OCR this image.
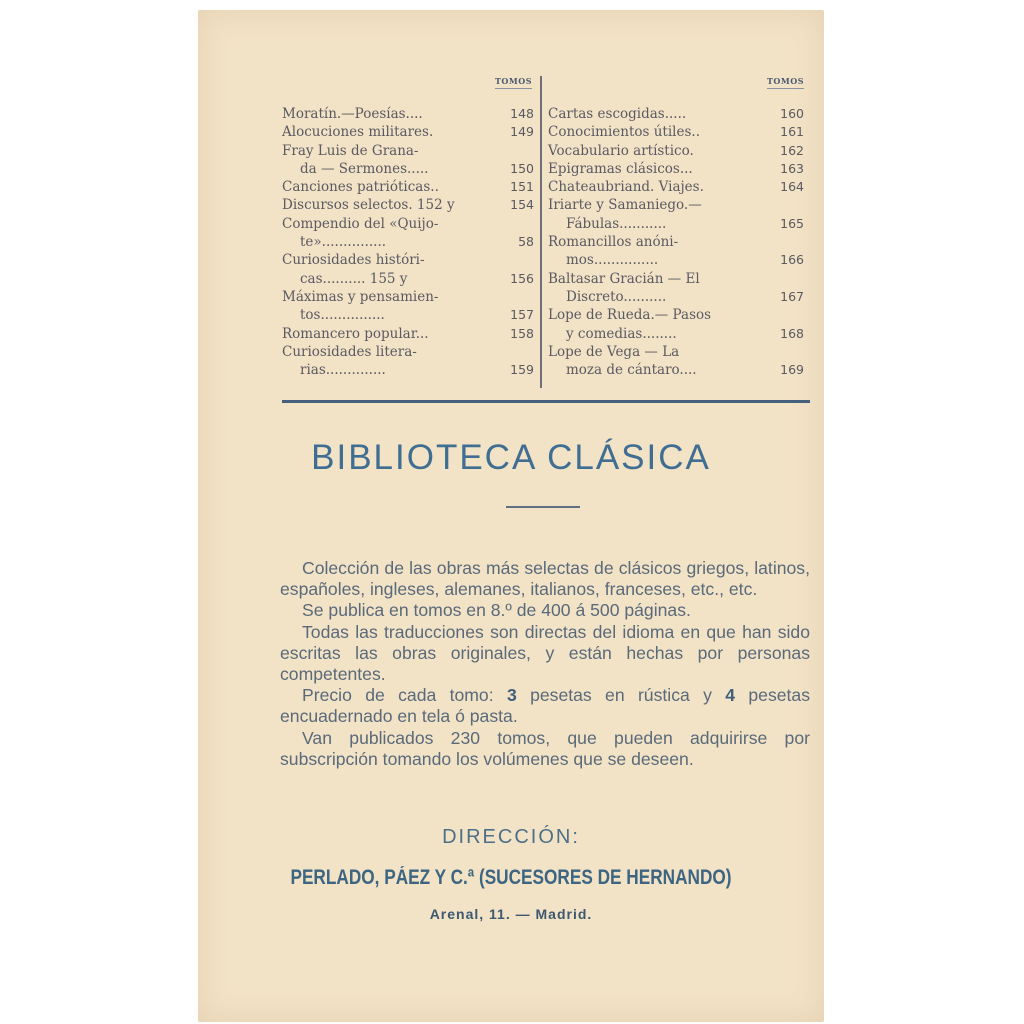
TOMOS
Moratín.—Poesías....	148
Alocuciones militares.	149
Fray Luis de Grana-
da — Sermones.....	150
Canciones patrióticas..	151
Discursos selectos. 152 y	154
Compendio del «Quijo-
te»...............	58
Curiosidades históri-
cas.......... 155 y	156
Máximas y pensamien-
tos...............	157
Romancero popular...	158
Curiosidades litera-
rias..............	159
TOMOS
Cartas escogidas.....	160
Conocimientos útiles..	161
Vocabulario artístico.	162
Epigramas clásicos...	163
Chateaubriand. Viajes.	164
Iriarte y Samaniego.—
Fábulas...........	165
Romancillos anóni-
mos...............	166
Baltasar Gracián — El
Discreto..........	167
Lope de Rueda.— Pasos
y comedias........	168
Lope de Vega — La
moza de cántaro....	169
BIBLIOTECA CLÁSICA

Colección de las obras más selectas de clásicos griegos, latinos, españoles, ingleses, alemanes, italianos, franceses, etc., etc.

Se publica en tomos en 8.º de 400 á 500 páginas.

Todas las traducciones son directas del idioma en que han sido escritas las obras originales, y están hechas por personas competentes.

Precio de cada tomo: 3 pesetas en rústica y 4 pesetas encuadernado en tela ó pasta.

Van publicados 230 tomos, que pueden adquirirse por subscripción tomando los volúmenes que se deseen.

DIRECCIÓN:
PERLADO, PÁEZ Y C.ª (SUCESORES DE HERNANDO)
Arenal, 11. — Madrid.
